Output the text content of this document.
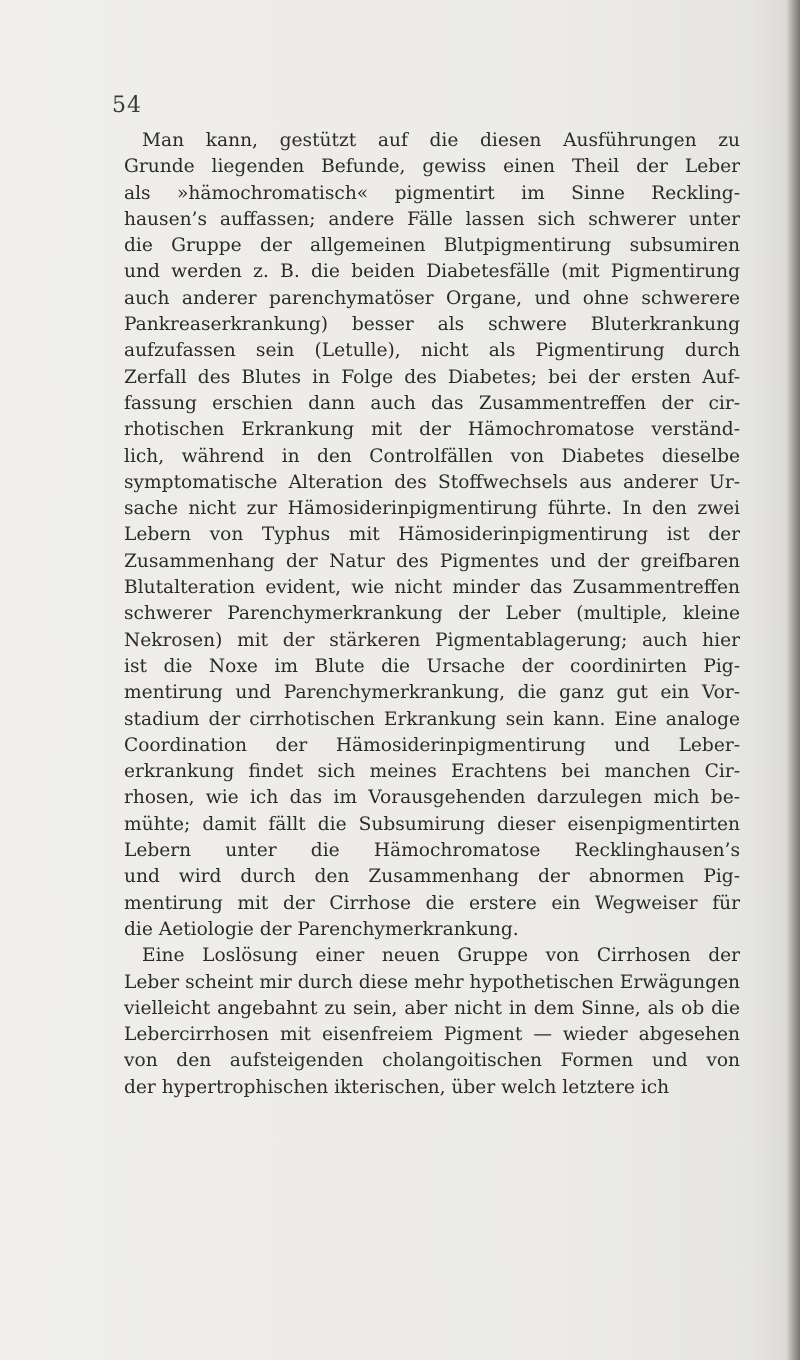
54
Man kann, gestützt auf die diesen Ausführungen zu
Grunde liegenden Befunde, gewiss einen Theil der Leber
als »hämochromatisch« pigmentirt im Sinne Reckling-
hausen’s auffassen; andere Fälle lassen sich schwerer unter
die Gruppe der allgemeinen Blutpigmentirung subsumiren
und werden z. B. die beiden Diabetesfälle (mit Pigmentirung
auch anderer parenchymatöser Organe, und ohne schwerere
Pankreaserkrankung) besser als schwere Bluterkrankung
aufzufassen sein (Letulle), nicht als Pigmentirung durch
Zerfall des Blutes in Folge des Diabetes; bei der ersten Auf-
fassung erschien dann auch das Zusammentreffen der cir-
rhotischen Erkrankung mit der Hämochromatose verständ-
lich, während in den Controlfällen von Diabetes dieselbe
symptomatische Alteration des Stoffwechsels aus anderer Ur-
sache nicht zur Hämosiderinpigmentirung führte. In den zwei
Lebern von Typhus mit Hämosiderinpigmentirung ist der
Zusammenhang der Natur des Pigmentes und der greifbaren
Blutalteration evident, wie nicht minder das Zusammentreffen
schwerer Parenchymerkrankung der Leber (multiple, kleine
Nekrosen) mit der stärkeren Pigmentablagerung; auch hier
ist die Noxe im Blute die Ursache der coordinirten Pig-
mentirung und Parenchymerkrankung, die ganz gut ein Vor-
stadium der cirrhotischen Erkrankung sein kann. Eine analoge
Coordination der Hämosiderinpigmentirung und Leber-
erkrankung findet sich meines Erachtens bei manchen Cir-
rhosen, wie ich das im Vorausgehenden darzulegen mich be-
mühte; damit fällt die Subsumirung dieser eisenpigmentirten
Lebern unter die Hämochromatose Recklinghausen’s
und wird durch den Zusammenhang der abnormen Pig-
mentirung mit der Cirrhose die erstere ein Wegweiser für
die Aetiologie der Parenchymerkrankung.
Eine Loslösung einer neuen Gruppe von Cirrhosen der
Leber scheint mir durch diese mehr hypothetischen Erwägungen
vielleicht angebahnt zu sein, aber nicht in dem Sinne, als ob die
Lebercirrhosen mit eisenfreiem Pigment — wieder abgesehen
von den aufsteigenden cholangoitischen Formen und von
der hypertrophischen ikterischen, über welch letztere ich
